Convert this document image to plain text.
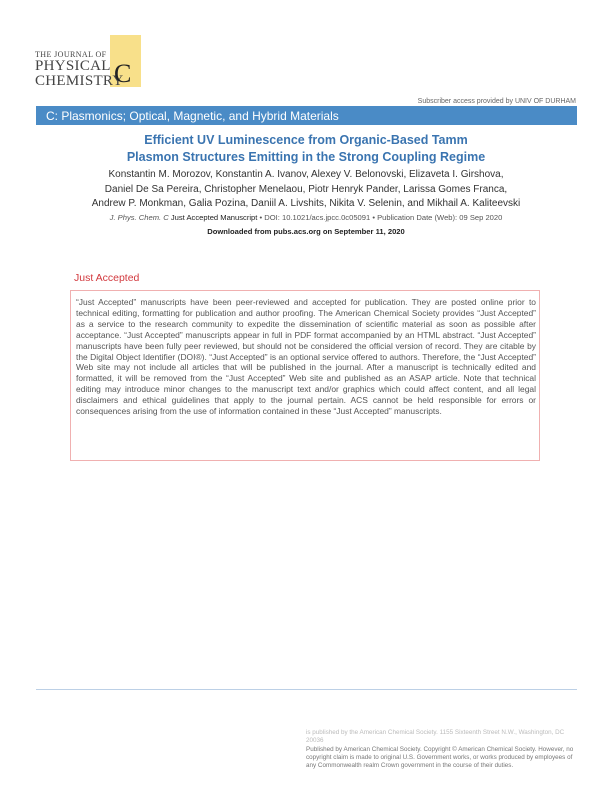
THE JOURNAL OF
PHYSICAL
CHEMISTRY
C
Subscriber access provided by UNIV OF DURHAM
C: Plasmonics; Optical, Magnetic, and Hybrid Materials
Efficient UV Luminescence from Organic-Based Tamm
Plasmon Structures Emitting in the Strong Coupling Regime
Konstantin M. Morozov, Konstantin A. Ivanov, Alexey V. Belonovski, Elizaveta I. Girshova,
Daniel De Sa Pereira, Christopher Menelaou, Piotr Henryk Pander, Larissa Gomes Franca,
Andrew P. Monkman, Galia Pozina, Daniil A. Livshits, Nikita V. Selenin, and Mikhail A. Kaliteevski
J. Phys. Chem. C Just Accepted Manuscript • DOI: 10.1021/acs.jpcc.0c05091 • Publication Date (Web): 09 Sep 2020
Downloaded from pubs.acs.org on September 11, 2020
Just Accepted

“Just Accepted” manuscripts have been peer-reviewed and accepted for publication. They are posted online prior to technical editing, formatting for publication and author proofing. The American Chemical Society provides “Just Accepted” as a service to the research community to expedite the dissemination of scientific material as soon as possible after acceptance. “Just Accepted” manuscripts appear in full in PDF format accompanied by an HTML abstract. “Just Accepted” manuscripts have been fully peer reviewed, but should not be considered the official version of record. They are citable by the Digital Object Identifier (DOI®). “Just Accepted” is an optional service offered to authors. Therefore, the “Just Accepted” Web site may not include all articles that will be published in the journal. After a manuscript is technically edited and formatted, it will be removed from the “Just Accepted” Web site and published as an ASAP article. Note that technical editing may introduce minor changes to the manuscript text and/or graphics which could affect content, and all legal disclaimers and ethical guidelines that apply to the journal pertain. ACS cannot be held responsible for errors or consequences arising from the use of information contained in these “Just Accepted” manuscripts.

is published by the American Chemical Society. 1155 Sixteenth Street N.W., Washington, DC 20036
Published by American Chemical Society. Copyright © American Chemical Society. However, no copyright claim is made to original U.S. Government works, or works produced by employees of any Commonwealth realm Crown government in the course of their duties.
